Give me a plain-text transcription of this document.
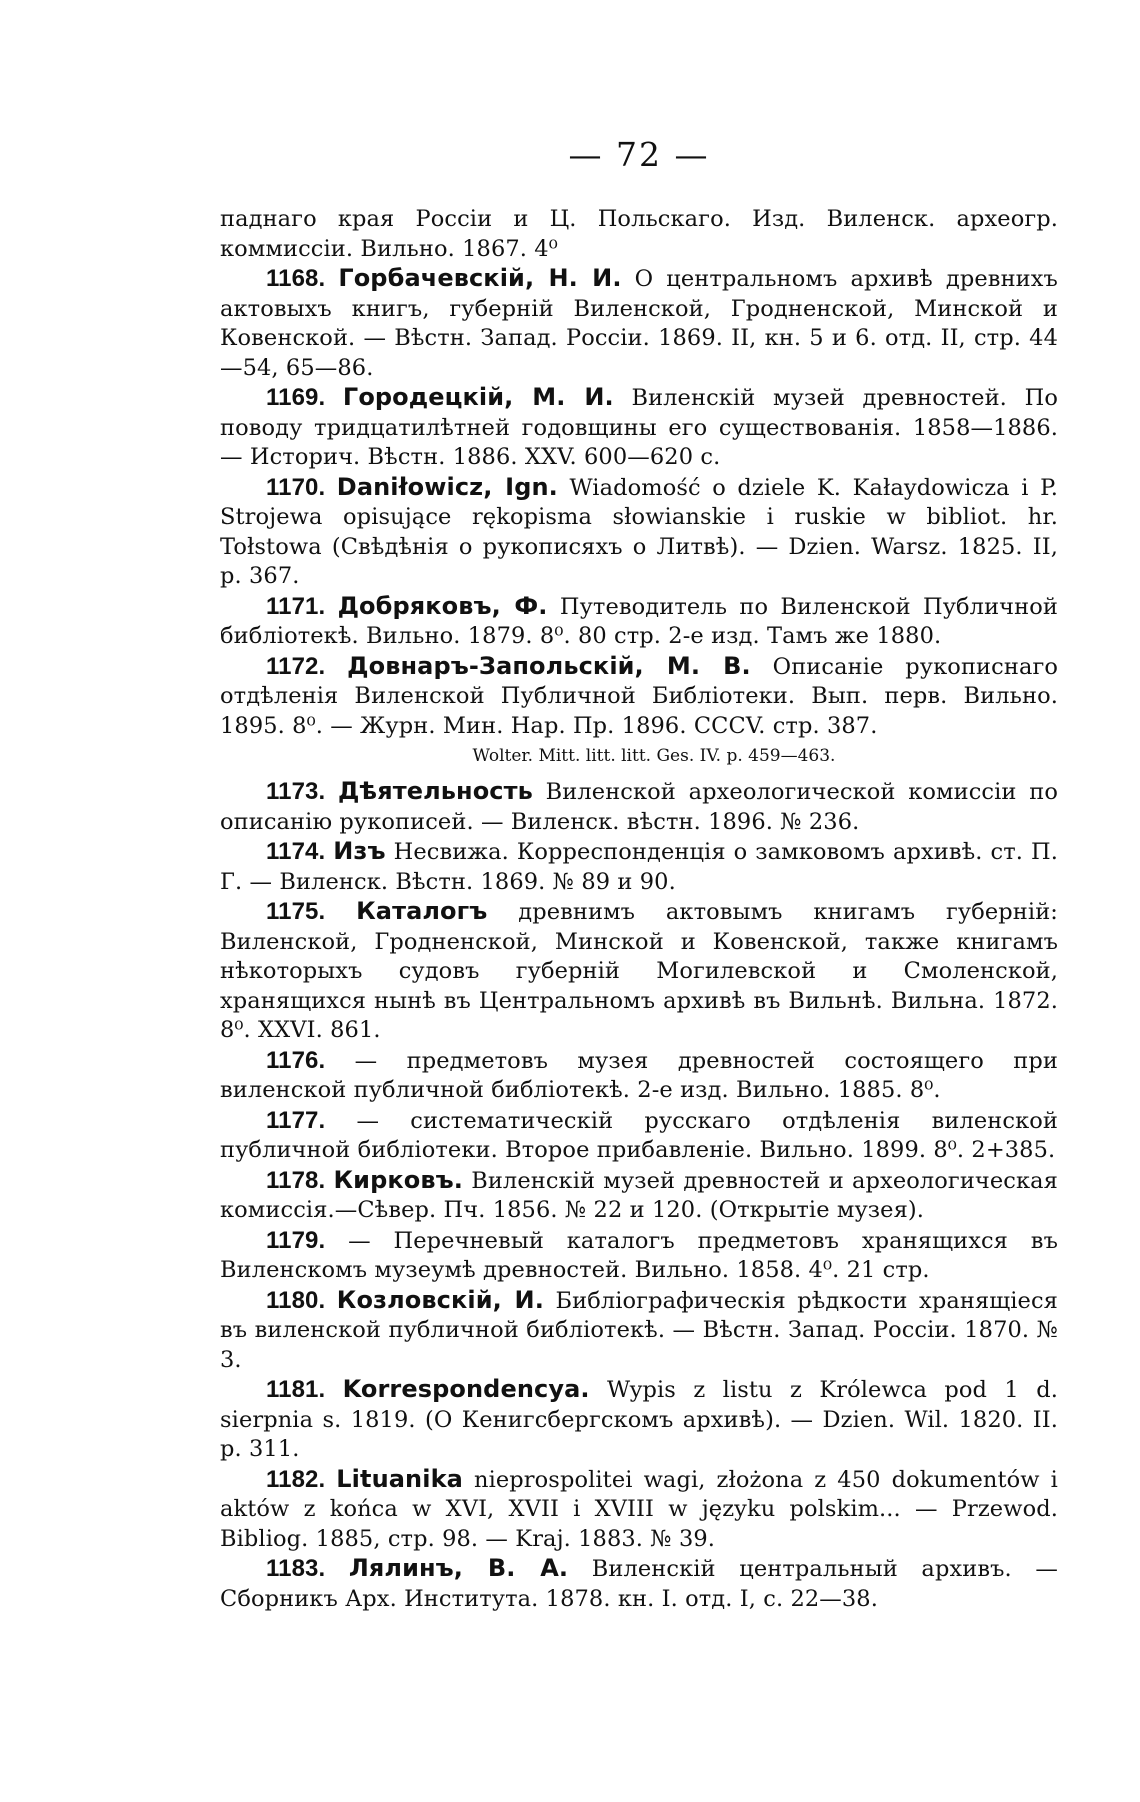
— 72 —

паднаго края Россіи и Ц. Польскаго. Изд. Виленск. археогр. коммиссіи. Вильно. 1867. 4⁰

1168. Горбачевскій, Н. И. О центральномъ архивѣ древнихъ актовыхъ книгъ, губерній Виленской, Гродненской, Минской и Ковенской. — Вѣстн. Запад. Россіи. 1869. II, кн. 5 и 6. отд. II, стр. 44—54, 65—86.

1169. Городецкій, М. И. Виленскій музей древностей. По поводу тридцатилѣтней годовщины его существованія. 1858—1886. — Историч. Вѣстн. 1886. XXV. 600—620 с.

1170. Daniłowicz, Ign. Wiadomość o dziele K. Kałaydowicza i P. Strojewa opisujące rękopisma słowianskie i ruskie w bibliot. hr. Tołstowa (Свѣдѣнія о рукописяхъ о Литвѣ). — Dzien. Warsz. 1825. II, p. 367.

1171. Добряковъ, Ф. Путеводитель по Виленской Публичной библіотекѣ. Вильно. 1879. 8⁰. 80 стр. 2-е изд. Тамъ же 1880.

1172. Довнаръ-Запольскій, М. В. Описаніе рукописнаго отдѣленія Виленской Публичной Библіотеки. Вып. перв. Вильно. 1895. 8⁰. — Журн. Мин. Нар. Пр. 1896. CCCV. стр. 387.

Wolter. Mitt. litt. litt. Ges. IV. p. 459—463.

1173. Дѣятельность Виленской археологической комиссіи по описанію рукописей. — Виленск. вѣстн. 1896. № 236.

1174. Изъ Несвижа. Корреспонденція о замковомъ архивѣ. ст. П. Г. — Виленск. Вѣстн. 1869. № 89 и 90.

1175. Каталогъ древнимъ актовымъ книгамъ губерній: Виленской, Гродненской, Минской и Ковенской, также книгамъ нѣкоторыхъ судовъ губерній Могилевской и Смоленской, хранящихся нынѣ въ Центральномъ архивѣ въ Вильнѣ. Вильна. 1872. 8⁰. XXVI. 861.

1176. — предметовъ музея древностей состоящего при виленской публичной библіотекѣ. 2-е изд. Вильно. 1885. 8⁰.

1177. — систематическій русскаго отдѣленія виленской публичной библіотеки. Второе прибавленіе. Вильно. 1899. 8⁰. 2+385.

1178. Кирковъ. Виленскій музей древностей и археологическая комиссія.—Сѣвер. Пч. 1856. № 22 и 120. (Открытіе музея).

1179. — Перечневый каталогъ предметовъ хранящихся въ Виленскомъ музеумѣ древностей. Вильно. 1858. 4⁰. 21 стр.

1180. Козловскій, И. Библіографическія рѣдкости хранящіеся въ виленской публичной библіотекѣ. — Вѣстн. Запад. Россіи. 1870. № 3.

1181. Korrespondencya. Wypis z listu z Królewca pod 1 d. sierpnia s. 1819. (О Кенигсбергскомъ архивѣ). — Dzien. Wil. 1820. II. p. 311.

1182. Lituanika nieprospolitei wagi, złożona z 450 dokumentów i aktów z końca w XVI, XVII i XVIII w języku polskim... — Przewod. Bibliog. 1885, стр. 98. — Kraj. 1883. № 39.

1183. Лялинъ, В. А. Виленскій центральный архивъ. — Сборникъ Арх. Института. 1878. кн. I. отд. I, с. 22—38.
